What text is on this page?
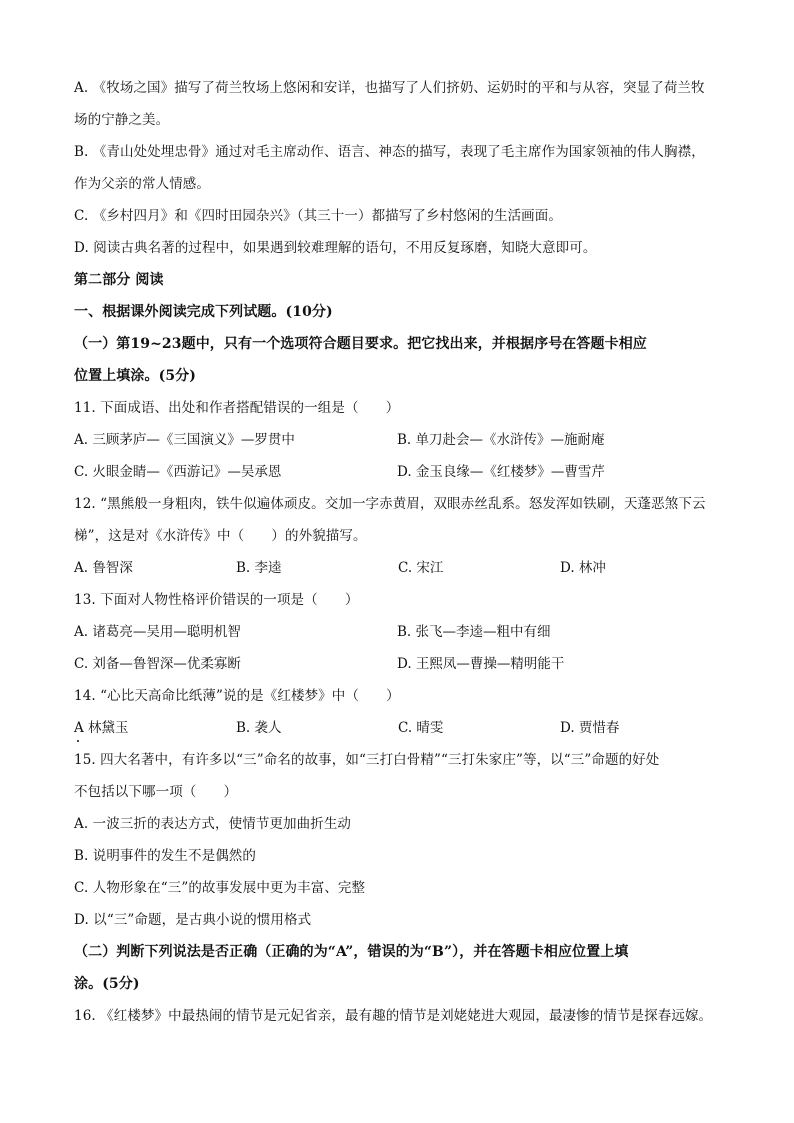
A. 《牧场之国》描写了荷兰牧场上悠闲和安详，也描写了人们挤奶、运奶时的平和与从容，突显了荷兰牧
场的宁静之美。
B. 《青山处处埋忠骨》通过对毛主席动作、语言、神态的描写，表现了毛主席作为国家领袖的伟人胸襟，
作为父亲的常人情感。
C. 《乡村四月》和《四时田园杂兴》（其三十一）都描写了乡村悠闲的生活画面。
D. 阅读古典名著的过程中，如果遇到较难理解的语句，不用反复琢磨，知晓大意即可。
第二部分 阅读
一、根据课外阅读完成下列试题。(10分)
（一）第19~23题中，只有一个选项符合题目要求。把它找出来，并根据序号在答题卡相应
位置上填涂。(5分)
11. 下面成语、出处和作者搭配错误的一组是（　　）
A. 三顾茅庐—《三国演义》—罗贯中	B. 单刀赴会—《水浒传》—施耐庵
C. 火眼金睛—《西游记》—吴承恩	D. 金玉良缘—《红楼梦》—曹雪芹
12. “黑熊般一身粗肉，铁牛似遍体顽皮。交加一字赤黄眉，双眼赤丝乱系。怒发浑如铁刷，天蓬恶煞下云
梯”，这是对《水浒传》中（　　）的外貌描写。
A. 鲁智深	B. 李逵	C. 宋江	D. 林冲
13. 下面对人物性格评价错误的一项是（　　）
A. 诸葛亮—吴用—聪明机智	B. 张飞—李逵—粗中有细
C. 刘备—鲁智深—优柔寡断	D. 王熙凤—曹操—精明能干
14. “心比天高命比纸薄”说的是《红楼梦》中（　　）
A 林黛玉	B. 袭人	C. 晴雯	D. 贾惜春
15. 四大名著中，有许多以“三”命名的故事，如“三打白骨精”“三打朱家庄”等，以“三”命题的好处
不包括以下哪一项（　　）
A. 一波三折的表达方式，使情节更加曲折生动
B. 说明事件的发生不是偶然的
C. 人物形象在“三”的故事发展中更为丰富、完整
D. 以“三”命题，是古典小说的惯用格式
（二）判断下列说法是否正确（正确的为“A”，错误的为“B”），并在答题卡相应位置上填
涂。(5分)
16. 《红楼梦》中最热闹的情节是元妃省亲，最有趣的情节是刘姥姥进大观园，最凄惨的情节是探春远嫁。
